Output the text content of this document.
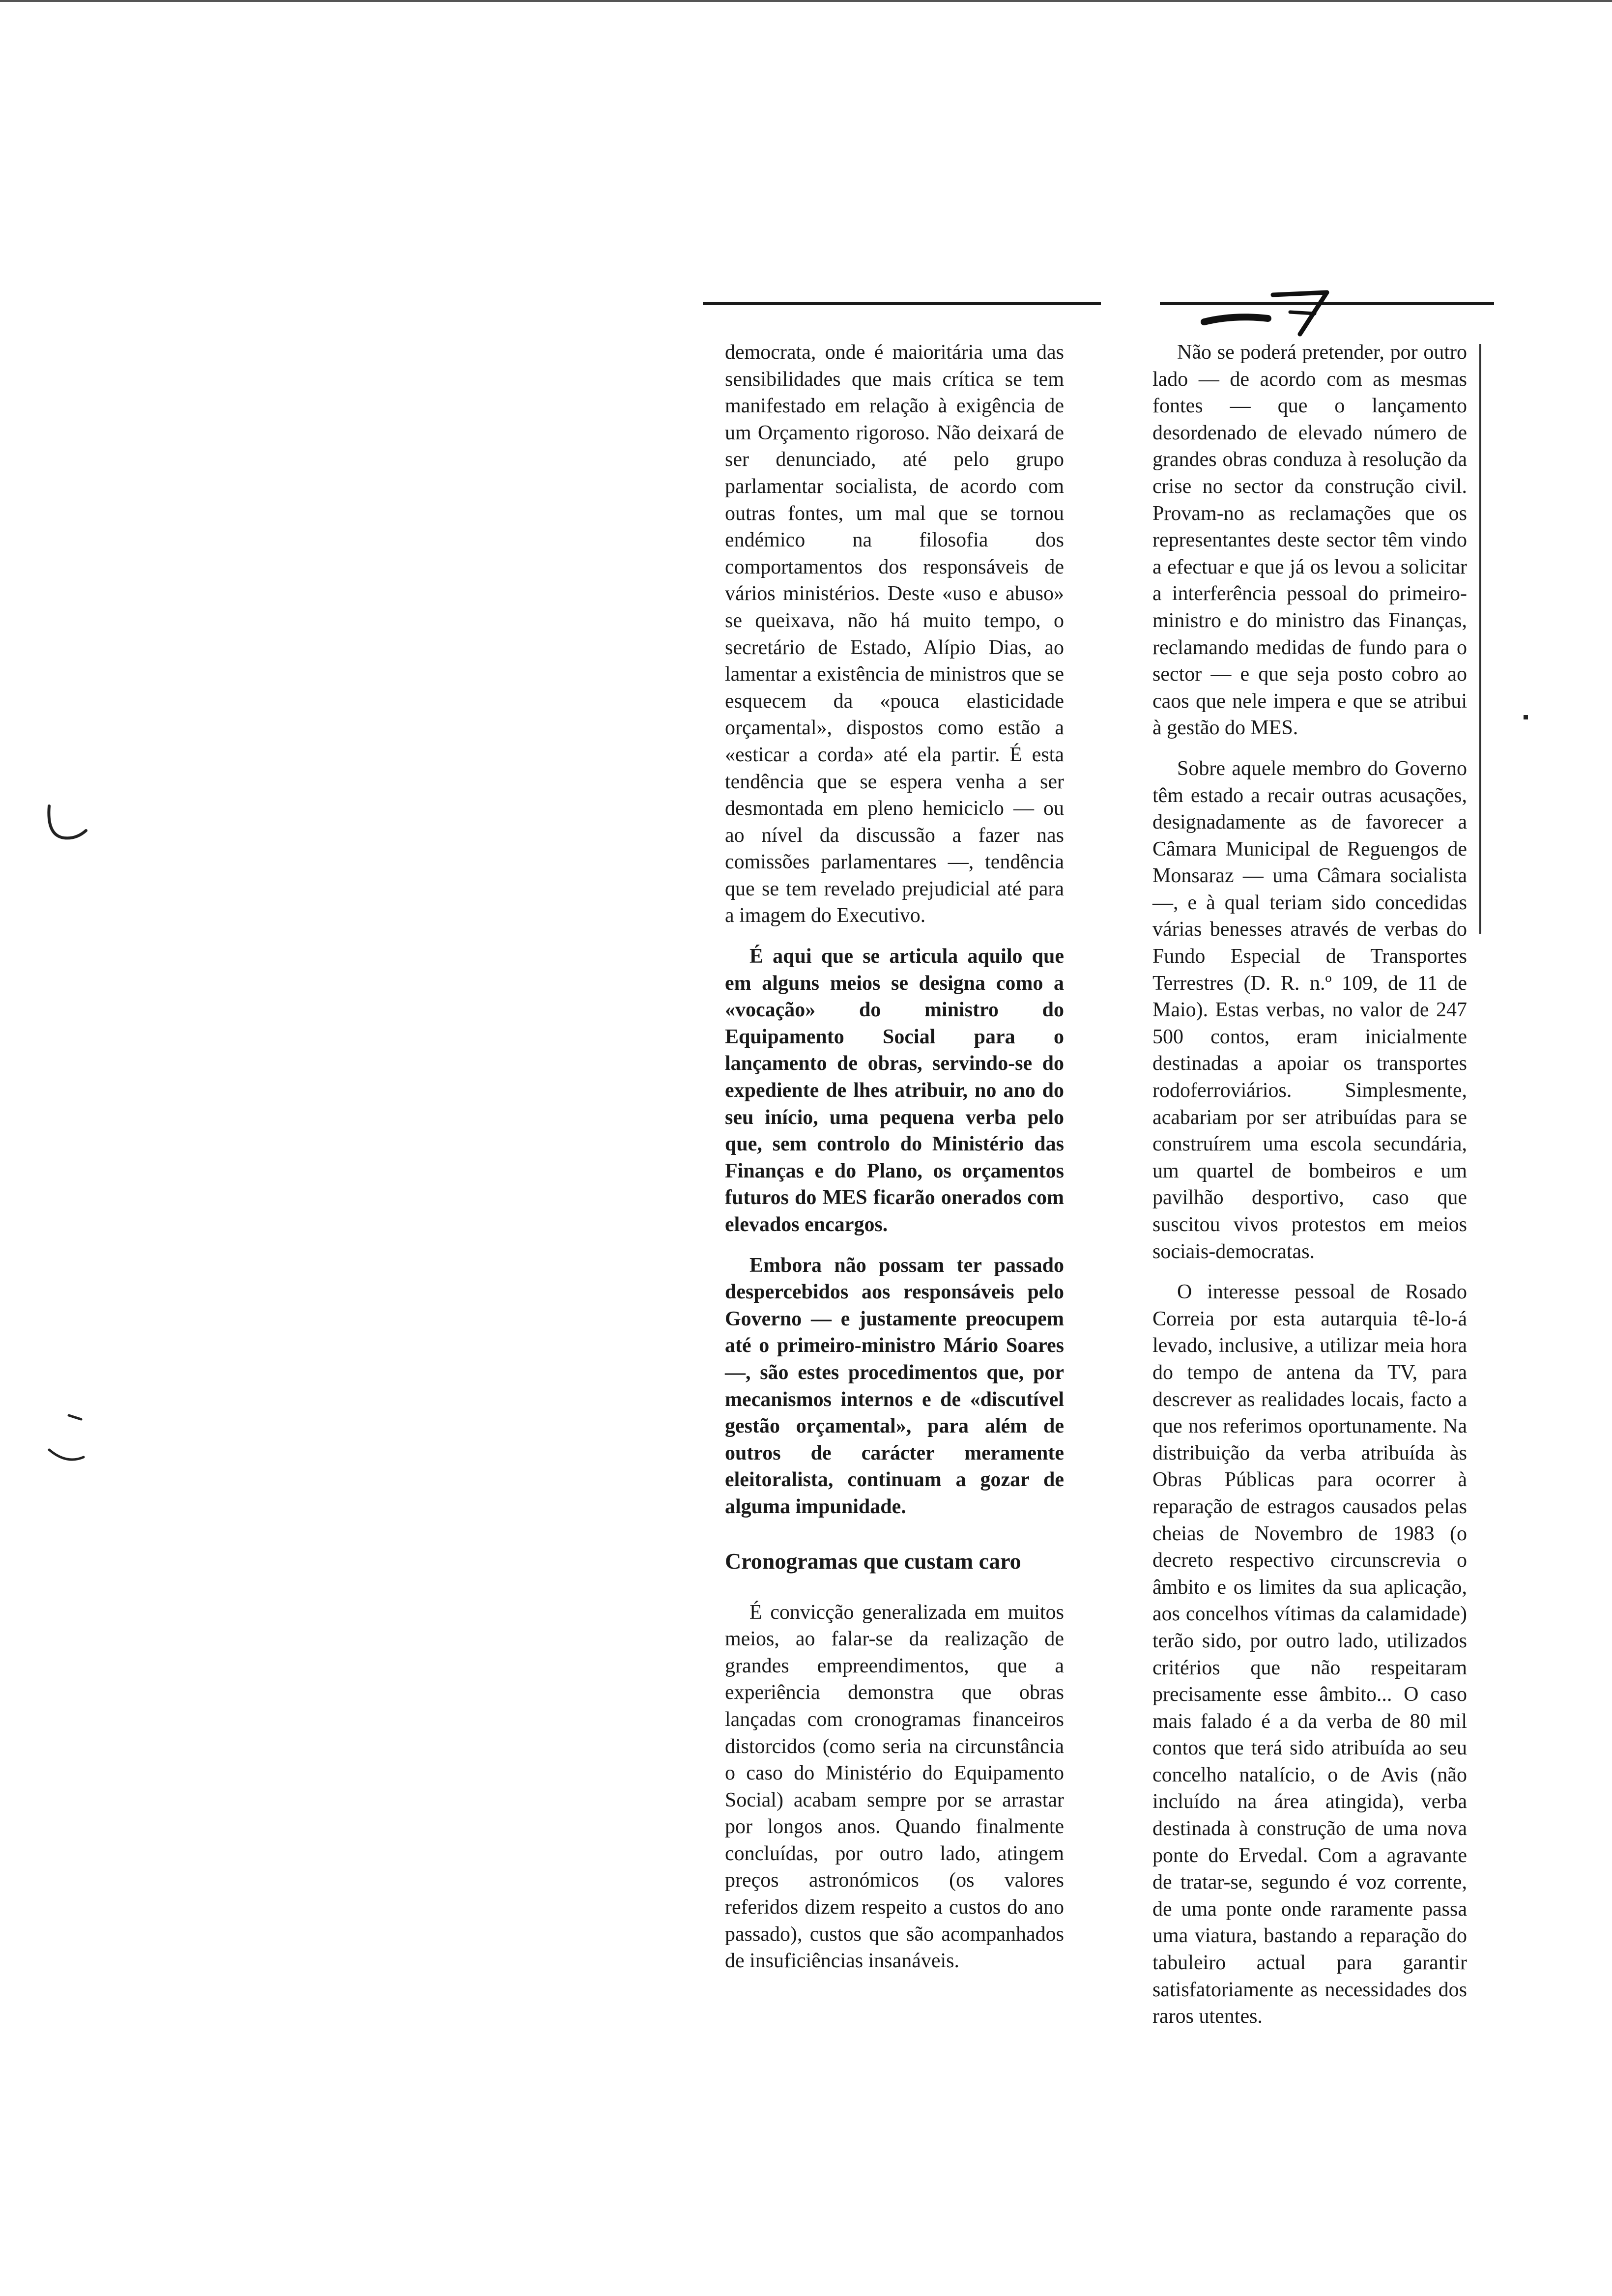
democrata, onde é maioritária uma das sensibilidades que mais crítica se tem manifestado em relação à exigência de um Orçamento rigoroso. Não deixará de ser denunciado, até pelo grupo parlamentar socialista, de acordo com outras fontes, um mal que se tornou endémico na filosofia dos comportamentos dos responsáveis de vários ministérios. Deste «uso e abuso» se queixava, não há muito tempo, o secretário de Estado, Alípio Dias, ao lamentar a existência de ministros que se esquecem da «pouca elasticidade orçamental», dispostos como estão a «esticar a corda» até ela partir. É esta tendência que se espera venha a ser desmontada em pleno hemiciclo — ou ao nível da discussão a fazer nas comissões parlamentares —, tendência que se tem revelado prejudicial até para a imagem do Executivo.

É aqui que se articula aquilo que em alguns meios se designa como a «vocação» do ministro do Equipamento Social para o lançamento de obras, servindo-se do expediente de lhes atribuir, no ano do seu início, uma pequena verba pelo que, sem controlo do Ministério das Finanças e do Plano, os orçamentos futuros do MES ficarão onerados com elevados encargos.

Embora não possam ter passado despercebidos aos responsáveis pelo Governo — e justamente preocupem até o primeiro-ministro Mário Soares —, são estes procedimentos que, por mecanismos internos e de «discutível gestão orçamental», para além de outros de carácter meramente eleitoralista, continuam a gozar de alguma impunidade.

Cronogramas que custam caro

É convicção generalizada em muitos meios, ao falar-se da realização de grandes empreendimentos, que a experiência demonstra que obras lançadas com cronogramas financeiros distorcidos (como seria na circunstância o caso do Ministério do Equipamento Social) acabam sempre por se arrastar por longos anos. Quando finalmente concluídas, por outro lado, atingem preços astronómicos (os valores referidos dizem respeito a custos do ano passado), custos que são acompanhados de insuficiências insanáveis.

Não se poderá pretender, por outro lado — de acordo com as mesmas fontes — que o lançamento desordenado de elevado número de grandes obras conduza à resolução da crise no sector da construção civil. Provam-no as reclamações que os representantes deste sector têm vindo a efectuar e que já os levou a solicitar a interferência pessoal do primeiro-ministro e do ministro das Finanças, reclamando medidas de fundo para o sector — e que seja posto cobro ao caos que nele impera e que se atribui à gestão do MES.

Sobre aquele membro do Governo têm estado a recair outras acusações, designadamente as de favorecer a Câmara Municipal de Reguengos de Monsaraz — uma Câmara socialista —, e à qual teriam sido concedidas várias benesses através de verbas do Fundo Especial de Transportes Terrestres (D. R. n.º 109, de 11 de Maio). Estas verbas, no valor de 247 500 contos, eram inicialmente destinadas a apoiar os transportes rodoferroviários. Simplesmente, acabariam por ser atribuídas para se construírem uma escola secundária, um quartel de bombeiros e um pavilhão desportivo, caso que suscitou vivos protestos em meios sociais-democratas.

O interesse pessoal de Rosado Correia por esta autarquia tê-lo-á levado, inclusive, a utilizar meia hora do tempo de antena da TV, para descrever as realidades locais, facto a que nos referimos oportunamente. Na distribuição da verba atribuída às Obras Públicas para ocorrer à reparação de estragos causados pelas cheias de Novembro de 1983 (o decreto respectivo circunscrevia o âmbito e os limites da sua aplicação, aos concelhos vítimas da calamidade) terão sido, por outro lado, utilizados critérios que não respeitaram precisamente esse âmbito... O caso mais falado é a da verba de 80 mil contos que terá sido atribuída ao seu concelho natalício, o de Avis (não incluído na área atingida), verba destinada à construção de uma nova ponte do Ervedal. Com a agravante de tratar-se, segundo é voz corrente, de uma ponte onde raramente passa uma viatura, bastando a reparação do tabuleiro actual para garantir satisfatoriamente as necessidades dos raros utentes.
